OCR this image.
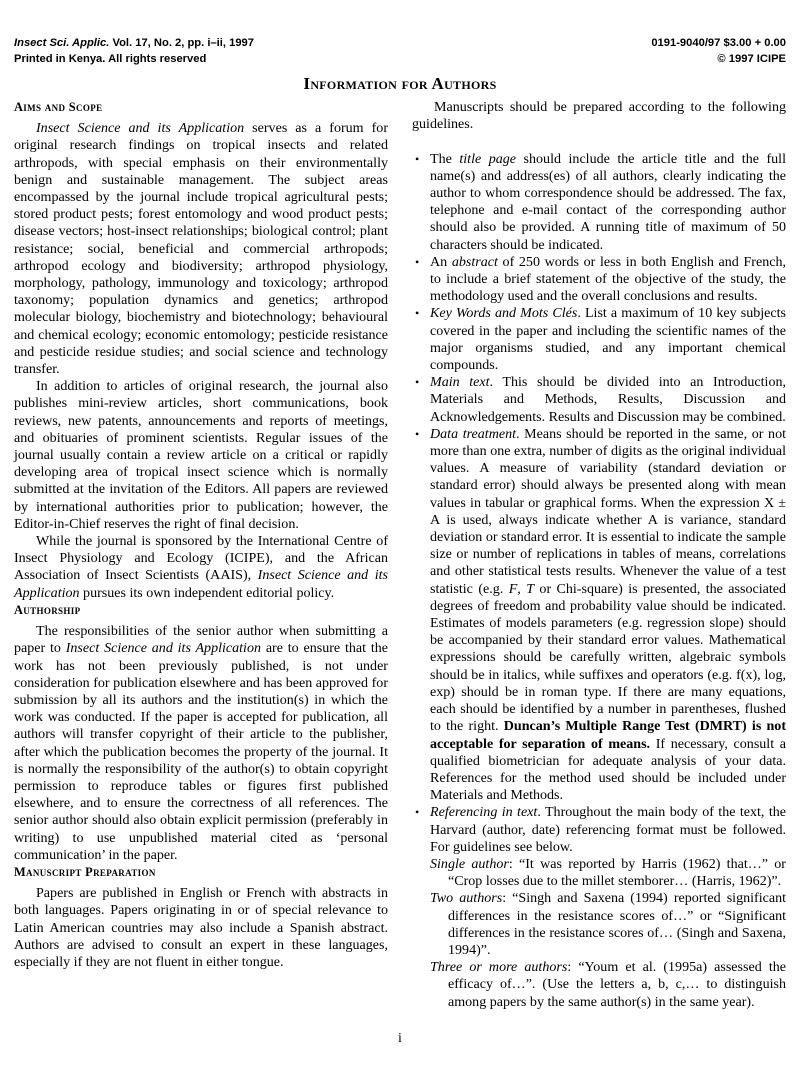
Insect Sci. Applic. Vol. 17, No. 2, pp. i–ii, 1997
Printed in Kenya. All rights reserved
0191-9040/97 $3.00 + 0.00
© 1997 ICIPE
Information for Authors
Aims and Scope

Insect Science and its Application serves as a forum for original research findings on tropical insects and related arthropods, with special emphasis on their environmentally benign and sustainable management. The subject areas encompassed by the journal include tropical agricultural pests; stored product pests; forest entomology and wood product pests; disease vectors; host-insect relationships; biological control; plant resistance; social, beneficial and commercial arthropods; arthropod ecology and biodiversity; arthropod physiology, morphology, pathology, immunology and toxicology; arthropod taxonomy; population dynamics and genetics; arthropod molecular biology, biochemistry and biotechnology; behavioural and chemical ecology; economic entomology; pesticide resistance and pesticide residue studies; and social science and technology transfer.

In addition to articles of original research, the journal also publishes mini-review articles, short communications, book reviews, new patents, announcements and reports of meetings, and obituaries of prominent scientists. Regular issues of the journal usually contain a review article on a critical or rapidly developing area of tropical insect science which is normally submitted at the invitation of the Editors. All papers are reviewed by international authorities prior to publication; however, the Editor-in-Chief reserves the right of final decision.

While the journal is sponsored by the International Centre of Insect Physiology and Ecology (ICIPE), and the African Association of Insect Scientists (AAIS), Insect Science and its Application pursues its own independent editorial policy.

Authorship

The responsibilities of the senior author when submitting a paper to Insect Science and its Application are to ensure that the work has not been previously published, is not under consideration for publication elsewhere and has been approved for submission by all its authors and the institution(s) in which the work was conducted. If the paper is accepted for publication, all authors will transfer copyright of their article to the publisher, after which the publication becomes the property of the journal. It is normally the responsibility of the author(s) to obtain copyright permission to reproduce tables or figures first published elsewhere, and to ensure the correctness of all references. The senior author should also obtain explicit permission (preferably in writing) to use unpublished material cited as ‘personal communication’ in the paper.

Manuscript Preparation

Papers are published in English or French with abstracts in both languages. Papers originating in or of special relevance to Latin American countries may also include a Spanish abstract. Authors are advised to consult an expert in these languages, especially if they are not fluent in either tongue.

Manuscripts should be prepared according to the following guidelines.

• The title page should include the article title and the full name(s) and address(es) of all authors, clearly indicating the author to whom correspondence should be addressed. The fax, telephone and e-mail contact of the corresponding author should also be provided. A running title of maximum of 50 characters should be indicated.
• An abstract of 250 words or less in both English and French, to include a brief statement of the objective of the study, the methodology used and the overall conclusions and results.
• Key Words and Mots Clés. List a maximum of 10 key subjects covered in the paper and including the scientific names of the major organisms studied, and any important chemical compounds.
• Main text. This should be divided into an Introduction, Materials and Methods, Results, Discussion and Acknowledgements. Results and Discussion may be combined.
• Data treatment. Means should be reported in the same, or not more than one extra, number of digits as the original individual values. A measure of variability (standard deviation or standard error) should always be presented along with mean values in tabular or graphical forms. When the expression X ± A is used, always indicate whether A is variance, standard deviation or standard error. It is essential to indicate the sample size or number of replications in tables of means, correlations and other statistical tests results. Whenever the value of a test statistic (e.g. F, T or Chi-square) is presented, the associated degrees of freedom and probability value should be indicated. Estimates of models parameters (e.g. regression slope) should be accompanied by their standard error values. Mathematical expressions should be carefully written, algebraic symbols should be in italics, while suffixes and operators (e.g. f(x), log, exp) should be in roman type. If there are many equations, each should be identified by a number in parentheses, flushed to the right. Duncan’s Multiple Range Test (DMRT) is not acceptable for separation of means. If necessary, consult a qualified biometrician for adequate analysis of your data. References for the method used should be included under Materials and Methods.
• Referencing in text. Throughout the main body of the text, the Harvard (author, date) referencing format must be followed. For guidelines see below.
Single author: “It was reported by Harris (1962) that…” or “Crop losses due to the millet stemborer… (Harris, 1962)”.
Two authors: “Singh and Saxena (1994) reported significant differences in the resistance scores of…” or “Significant differences in the resistance scores of… (Singh and Saxena, 1994)”.
Three or more authors: “Youm et al. (1995a) assessed the efficacy of…”. (Use the letters a, b, c,… to distinguish among papers by the same author(s) in the same year).
i
